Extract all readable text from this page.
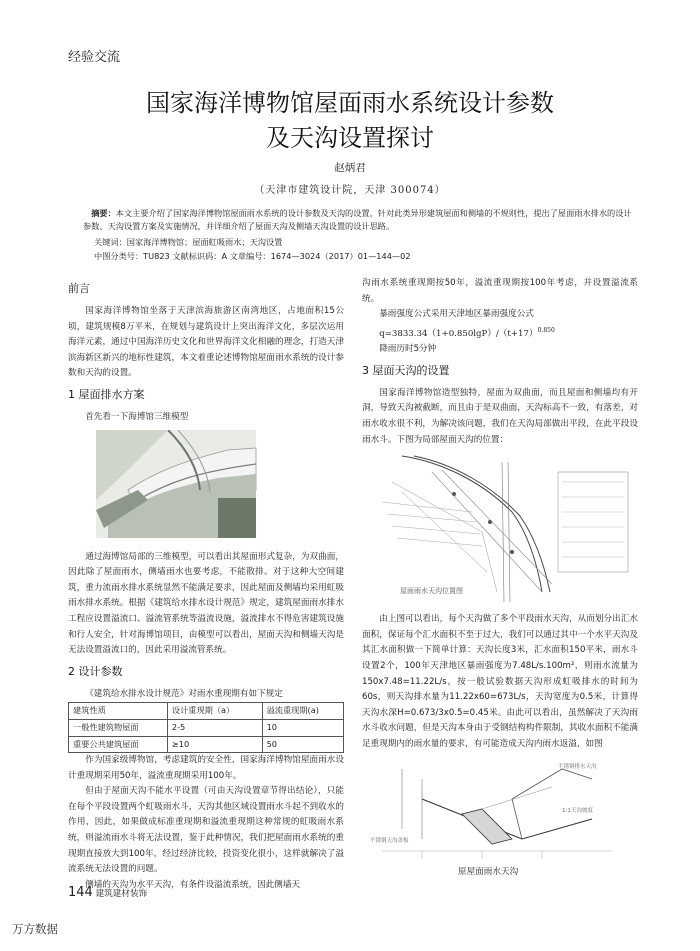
经验交流
国家海洋博物馆屋面雨水系统设计参数
及天沟设置探讨
赵炳君
（天津市建筑设计院，天津 300074）
摘要：本文主要介绍了国家海洋博物馆屋面雨水系统的设计参数及天沟的设置，针对此类异形建筑屋面和侧墙的不规则性，提出了屋面雨水排水的设计参数、天沟设置方案及实施情况，并详细介绍了屋面天沟及侧墙天沟设置的设计思路。
关键词：国家海洋博物馆；屋面虹吸雨水；天沟设置
中图分类号：TU823 文献标识码：A 文章编号：1674—3024（2017）01—144—02
前言

国家海洋博物馆坐落于天津滨海旅游区南湾地区，占地面积15公顷，建筑规模8万平米，在规划与建筑设计上突出海洋文化，多层次运用海洋元素，通过中国海洋历史文化和世界海洋文化相融的理念，打造天津滨海新区新兴的地标性建筑，本文着重论述博物馆屋面雨水系统的设计参数和天沟的设置。

1 屋面排水方案

首先看一下海博馆三维模型

通过海博馆局部的三维模型，可以看出其屋面形式复杂，为双曲面，因此除了屋面雨水，侧墙雨水也要考虑，不能散排。对于这种大空间建筑，重力流雨水排水系统显然不能满足要求，因此屋面及侧墙均采用虹吸雨水排水系统。根据《建筑给水排水设计规范》规定，建筑屋面雨水排水工程应设置溢流口、溢流管系统等溢流设施，溢流排水不得危害建筑设施和行人安全，针对海博馆项目，由模型可以看出，屋面天沟和侧墙天沟是无法设置溢流口的，因此采用溢流管系统。

2 设计参数

《建筑给水排水设计规范》对雨水重现期有如下规定

建筑性质	设计重现期（a）	溢流重现期(a)
一般性建筑物屋面	2-5	10
重要公共建筑屋面	≥10	50

作为国家级博物馆，考虑建筑的安全性，国家海洋博物馆屋面雨水设计重现期采用50年，溢流重现期采用100年。

但由于屋面天沟不能水平设置（可由天沟设置章节得出结论），只能在每个平段设置两个虹吸雨水斗，天沟其他区域设置雨水斗起不到收水的作用，因此，如果做成标准重现期和溢流重现期这种常规的虹吸雨水系统，则溢流雨水斗将无法设置，鉴于此种情况，我们把屋面雨水系统的重现期直接放大到100年，经过经济比较，投资变化很小，这样就解决了溢流系统无法设置的问题。

侧墙的天沟为水平天沟，有条件设溢流系统，因此侧墙天

沟雨水系统重现期按50年，溢流重现期按100年考虑，并设置溢流系统。

暴雨强度公式采用天津地区暴雨强度公式

$q=3833.34(1+0.850\lg P)/(t+17)^{0.850}$

降雨历时5分钟

3 屋面天沟的设置

国家海洋博物馆造型独特，屋面为双曲面，而且屋面和侧墙均有开洞，导致天沟被截断，而且由于是双曲面，天沟标高不一致，有落差，对雨水收水很不利，为解决该问题，我们在天沟局部做出平段，在此平段设雨水斗。下图为局部屋面天沟的位置：

屋面雨水天沟位置图

由上图可以看出，每个天沟做了多个平段雨水天沟，从而划分出汇水面积，保证每个汇水面积不至于过大，我们可以通过其中一个水平天沟及其汇水面积做一下简单计算：天沟长度3米，汇水面积150平米，雨水斗设置2个，100年天津地区暴雨强度为7.48L/s.100m²，则雨水流量为150x7.48=11.22L/s，按一般试验数据天沟形成虹吸排水的时间为60s，则天沟排水量为11.22x60=673L/s，天沟宽度为0.5米，计算得天沟水深H=0.673/3x0.5=0.45米。由此可以看出，虽然解决了天沟雨水斗收水问题，但是天沟本身由于受钢结构构件限制，其收水面积不能满足重现期内的雨水量的要求，有可能造成天沟内雨水返溢，如图

不锈钢排水天沟
1:1天沟坡度
不锈钢天沟盖板
原屋面雨水天沟
144 建筑建材装饰
万方数据
